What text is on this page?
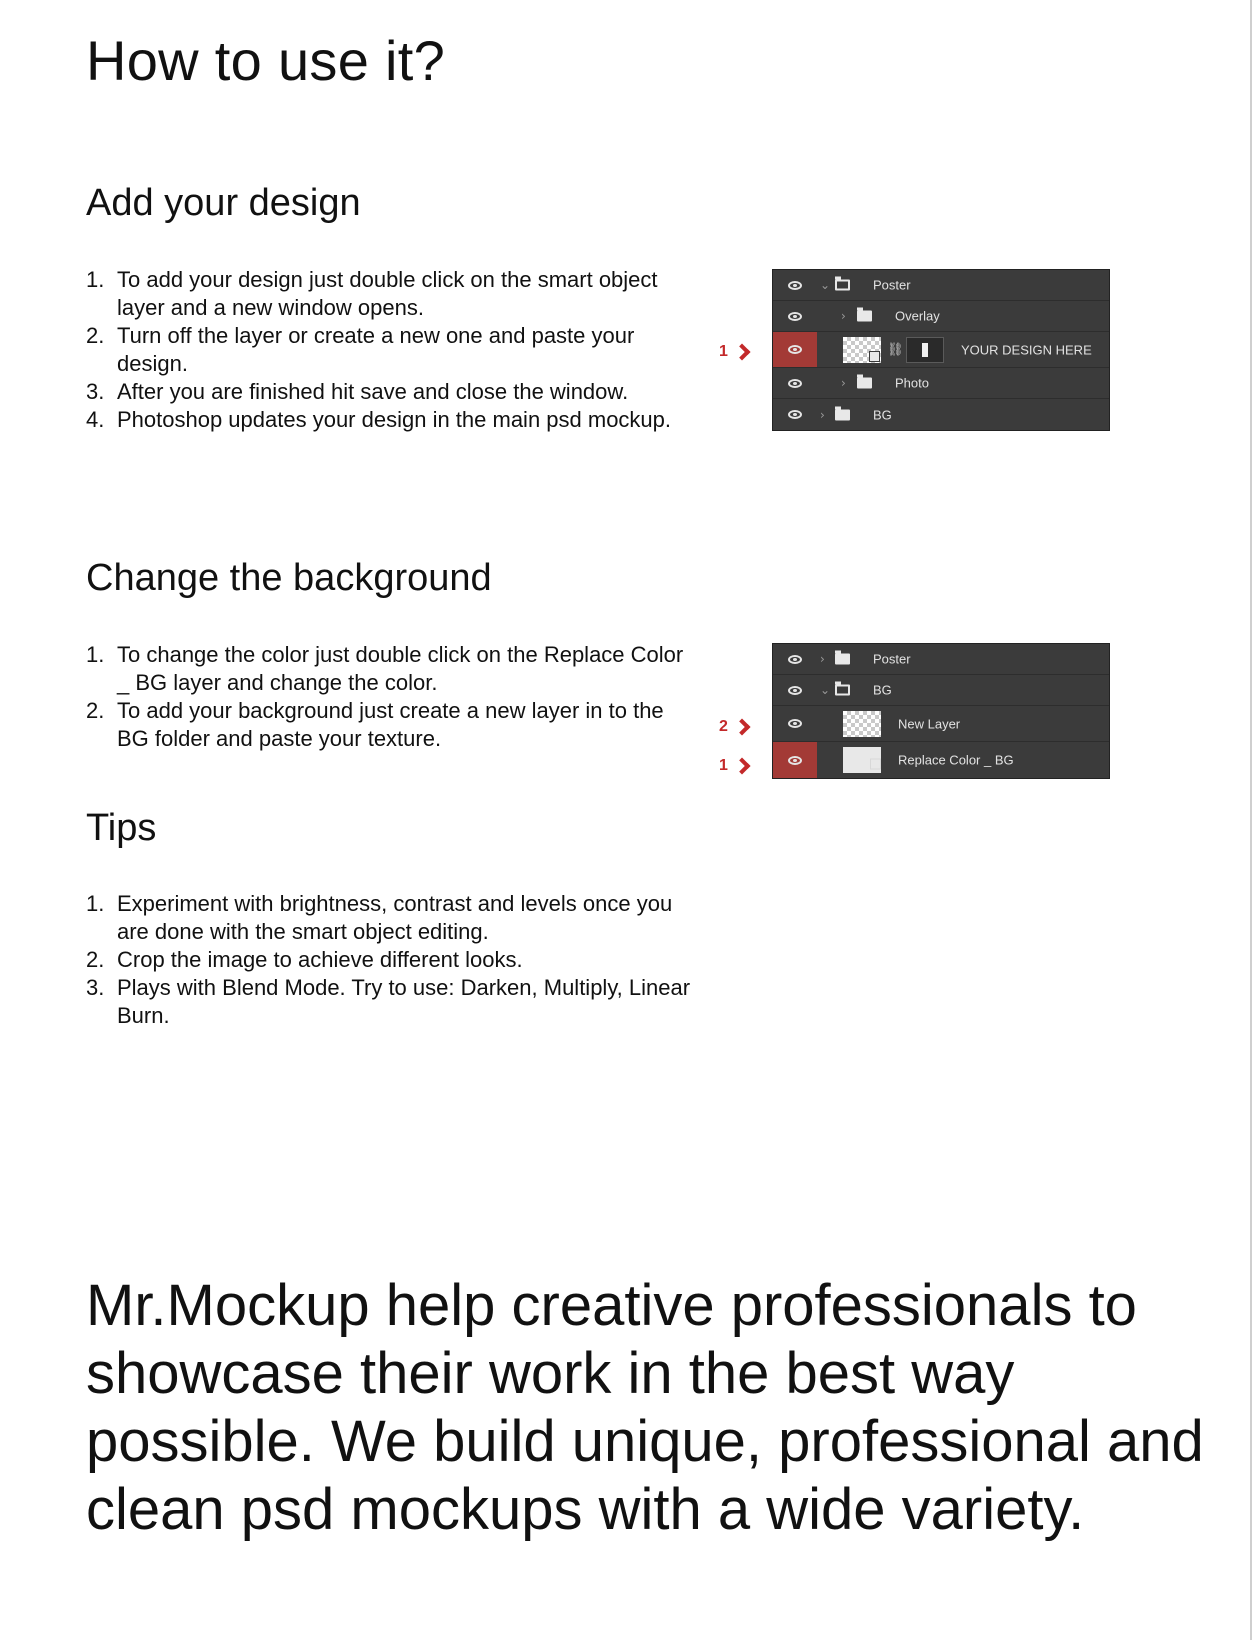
How to use it?
Add your design
To add your design just double click on the smart object layer and a new window opens.
Turn off the layer or create a new one and paste your design.
After you are finished hit save and close the window.
Photoshop updates your design in the main psd mockup.
1
⌄	Poster
›	Overlay
⛓	YOUR DESIGN HERE
›	Photo
›	BG
Change the background
To change the color just double click on the Replace Color _ BG layer and change the color.
To add your background just create a new layer in to the BG folder and paste your texture.	2
1
›	Poster
⌄	BG
New Layer
Replace Color _ BG
Tips
Experiment with brightness, contrast and levels once you are done with the smart object editing.
Crop the image to achieve different looks.
Plays with Blend Mode. Try to use: Darken, Multiply, Linear Burn.

Mr.Mockup help creative professionals to showcase their work in the best way possible. We build unique, professional and clean psd mockups with a wide variety.
